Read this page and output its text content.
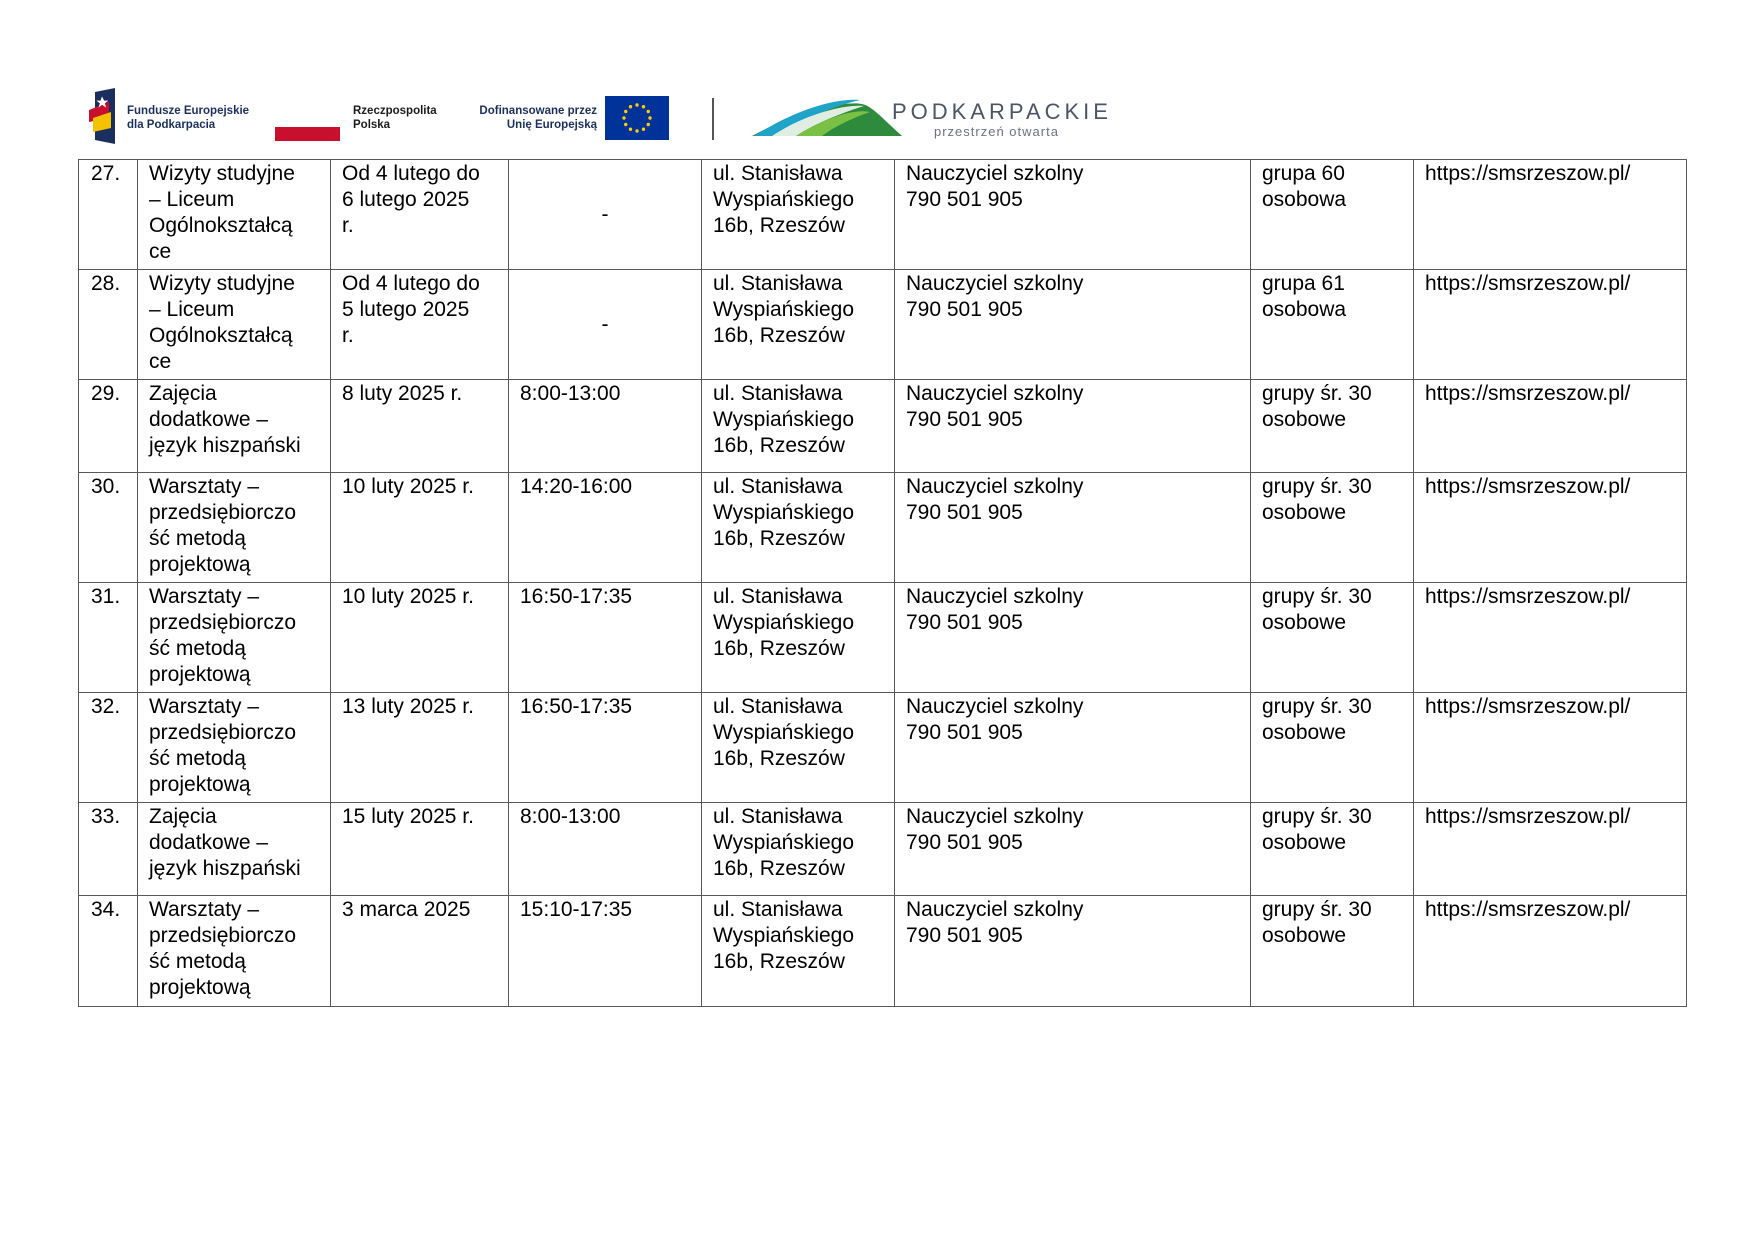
Fundusze Europejskie
dla Podkarpacia
Rzeczpospolita
Polska
Dofinansowane przez
Unię Europejską
PODKARPACKIE
przestrzeń otwarta
27.	Wizyty studyjne
– Liceum
Ogólnokształcą
ce	Od 4 lutego do
6 lutego 2025
r.	-	ul. Stanisława
Wyspiańskiego
16b, Rzeszów	Nauczyciel szkolny
790 501 905	grupa 60
osobowa	https://smsrzeszow.pl/

28.	Wizyty studyjne
– Liceum
Ogólnokształcą
ce	Od 4 lutego do
5 lutego 2025
r.	-	ul. Stanisława
Wyspiańskiego
16b, Rzeszów	Nauczyciel szkolny
790 501 905	grupa 61
osobowa	https://smsrzeszow.pl/

29.	Zajęcia
dodatkowe –
język hiszpański	8 luty 2025 r.	8:00-13:00	ul. Stanisława
Wyspiańskiego
16b, Rzeszów	Nauczyciel szkolny
790 501 905	grupy śr. 30
osobowe	https://smsrzeszow.pl/

30.	Warsztaty –
przedsiębiorczo
ść metodą
projektową	10 luty 2025 r.	14:20-16:00	ul. Stanisława
Wyspiańskiego
16b, Rzeszów	Nauczyciel szkolny
790 501 905	grupy śr. 30
osobowe	https://smsrzeszow.pl/

31.	Warsztaty –
przedsiębiorczo
ść metodą
projektową	10 luty 2025 r.	16:50-17:35	ul. Stanisława
Wyspiańskiego
16b, Rzeszów	Nauczyciel szkolny
790 501 905	grupy śr. 30
osobowe	https://smsrzeszow.pl/

32.	Warsztaty –
przedsiębiorczo
ść metodą
projektową	13 luty 2025 r.	16:50-17:35	ul. Stanisława
Wyspiańskiego
16b, Rzeszów	Nauczyciel szkolny
790 501 905	grupy śr. 30
osobowe	https://smsrzeszow.pl/

33.	Zajęcia
dodatkowe –
język hiszpański	15 luty 2025 r.	8:00-13:00	ul. Stanisława
Wyspiańskiego
16b, Rzeszów	Nauczyciel szkolny
790 501 905	grupy śr. 30
osobowe	https://smsrzeszow.pl/

34.	Warsztaty –
przedsiębiorczo
ść metodą
projektową	3 marca 2025	15:10-17:35	ul. Stanisława
Wyspiańskiego
16b, Rzeszów	Nauczyciel szkolny
790 501 905	grupy śr. 30
osobowe	https://smsrzeszow.pl/
